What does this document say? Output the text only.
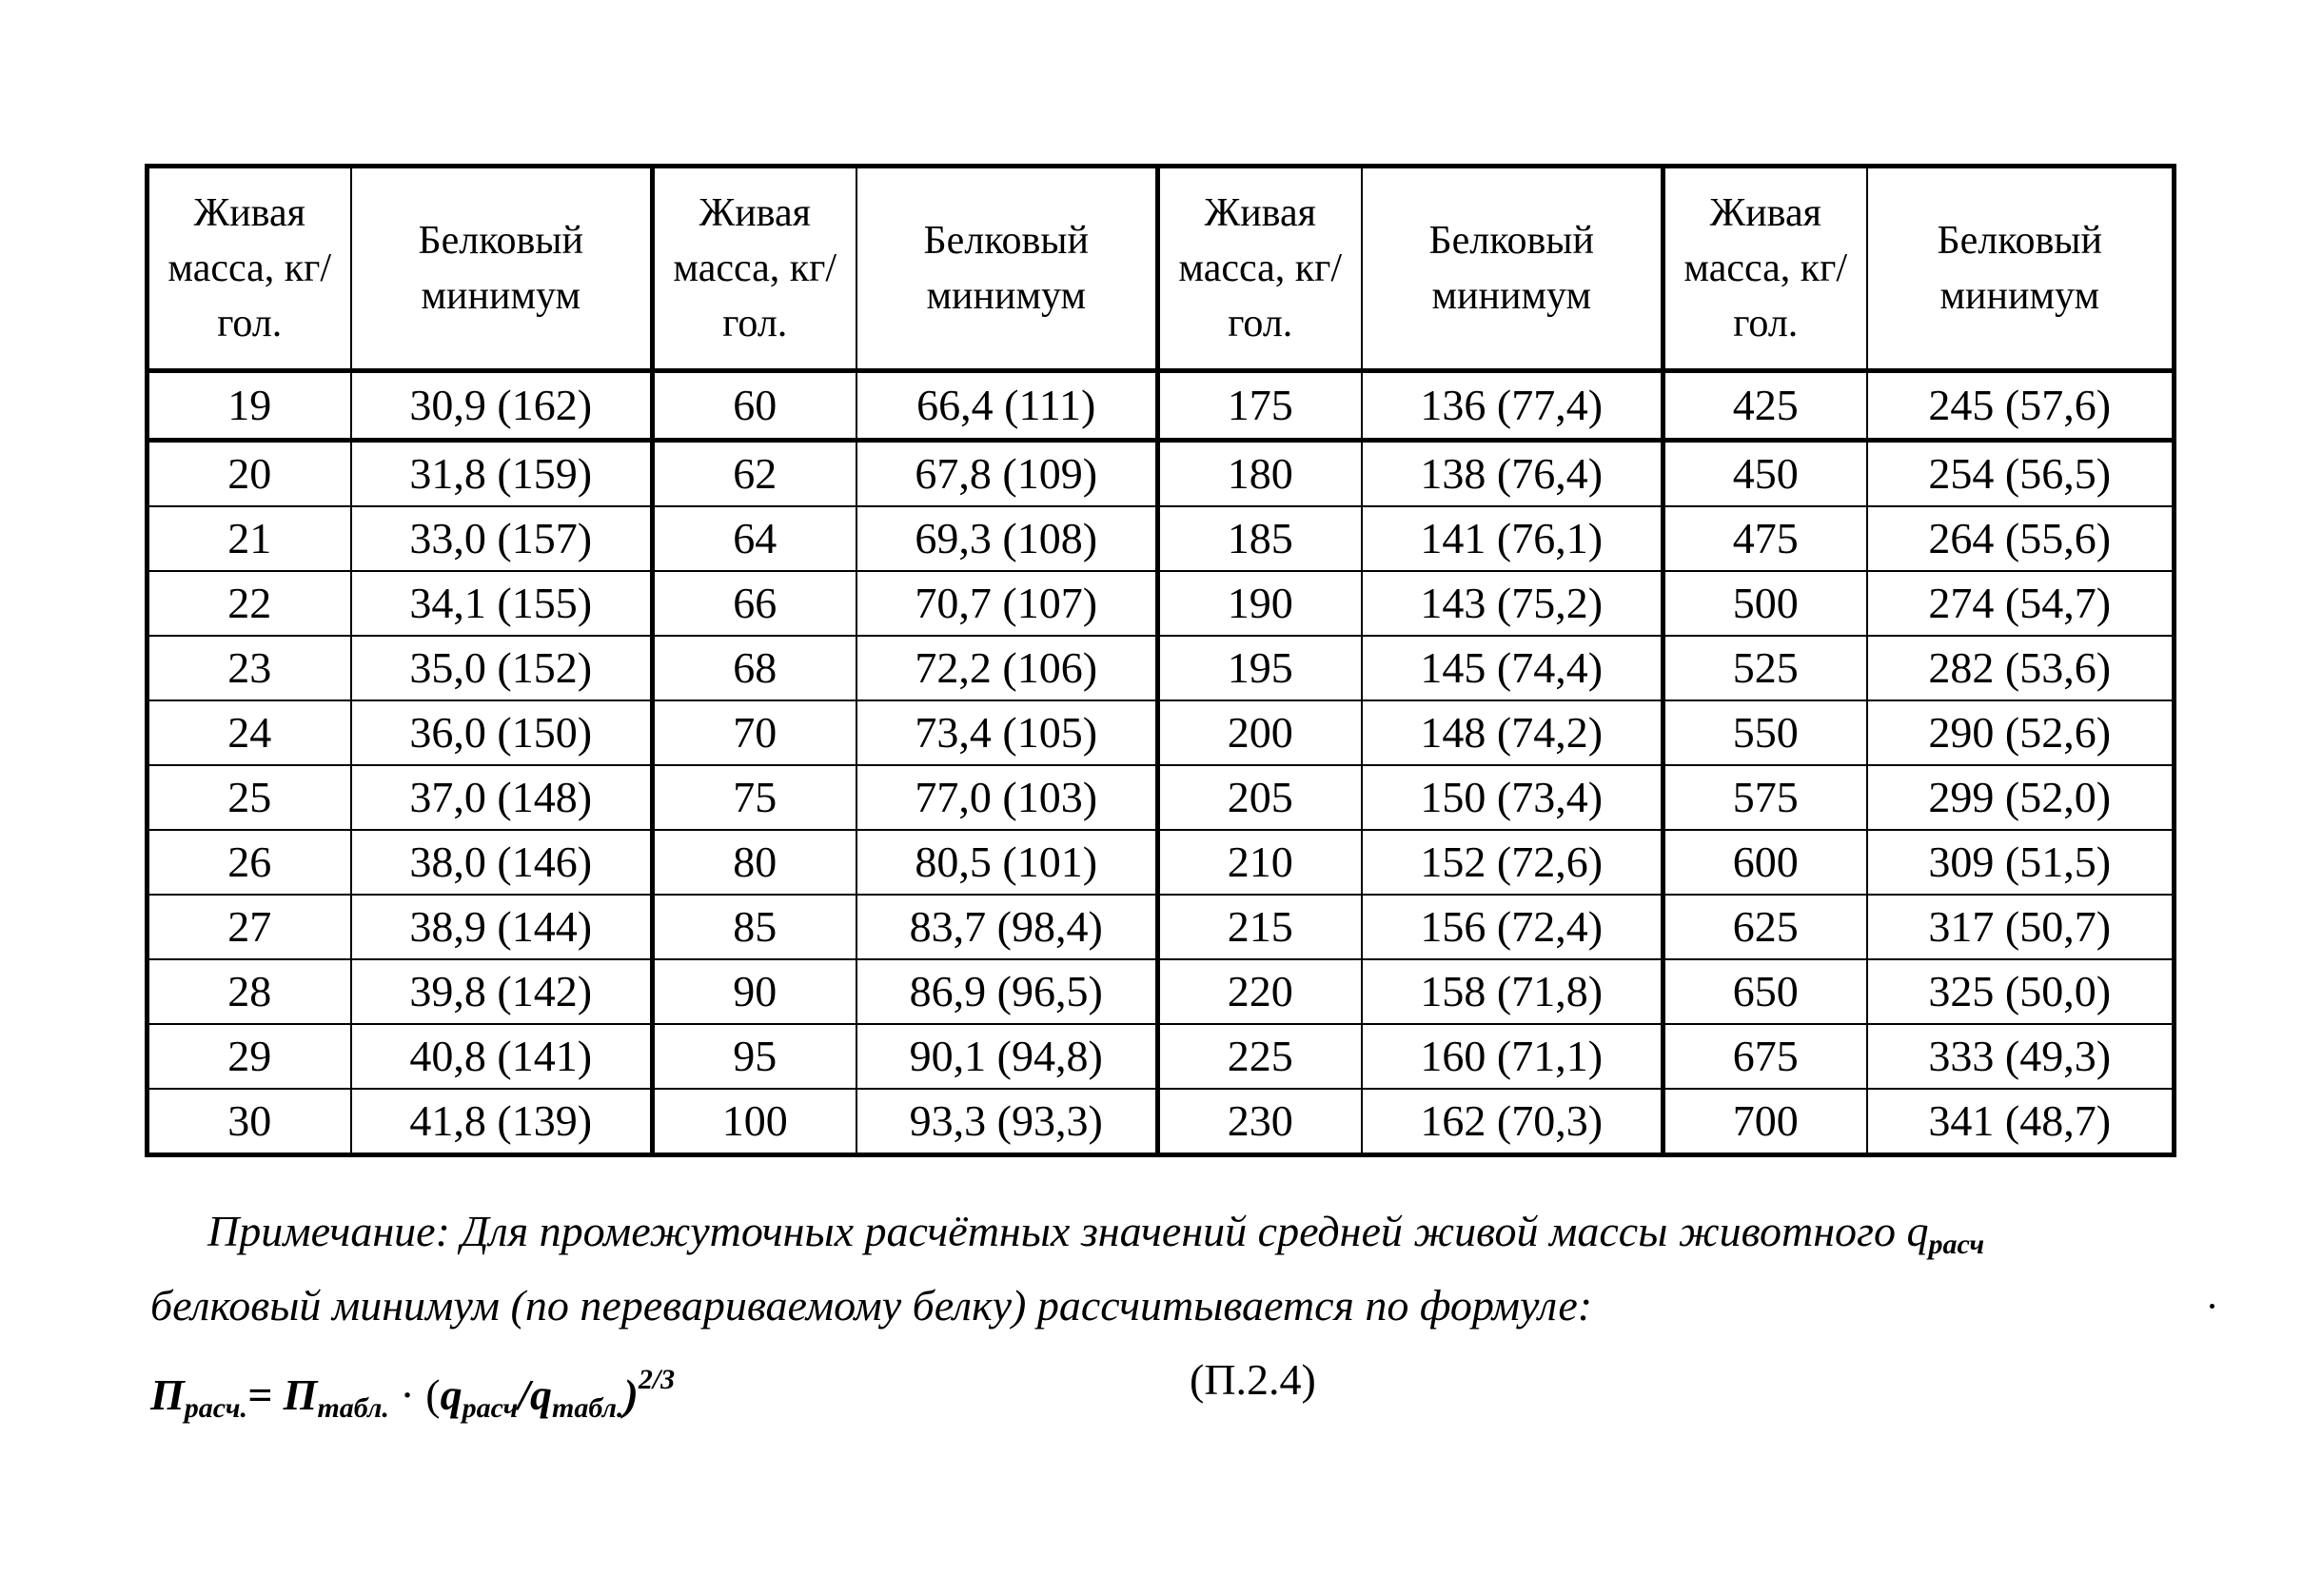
Живая масса, кг/гол.	Белковый минимум	Живая масса, кг/гол.	Белковый минимум	Живая масса, кг/гол.	Белковый минимум	Живая масса, кг/гол.	Белковый минимум
19	30,9 (162)	60	66,4 (111)	175	136 (77,4)	425	245 (57,6)
20	31,8 (159)	62	67,8 (109)	180	138 (76,4)	450	254 (56,5)
21	33,0 (157)	64	69,3 (108)	185	141 (76,1)	475	264 (55,6)
22	34,1 (155)	66	70,7 (107)	190	143 (75,2)	500	274 (54,7)
23	35,0 (152)	68	72,2 (106)	195	145 (74,4)	525	282 (53,6)
24	36,0 (150)	70	73,4 (105)	200	148 (74,2)	550	290 (52,6)
25	37,0 (148)	75	77,0 (103)	205	150 (73,4)	575	299 (52,0)
26	38,0 (146)	80	80,5 (101)	210	152 (72,6)	600	309 (51,5)
27	38,9 (144)	85	83,7 (98,4)	215	156 (72,4)	625	317 (50,7)
28	39,8 (142)	90	86,9 (96,5)	220	158 (71,8)	650	325 (50,0)
29	40,8 (141)	95	90,1 (94,8)	225	160 (71,1)	675	333 (49,3)
30	41,8 (139)	100	93,3 (93,3)	230	162 (70,3)	700	341 (48,7)

Примечание: Для промежуточных расчётных значений средней живой массы животного $q_{расч}$

белковый минимум (по перевариваемому белку) рассчитывается по формуле:

$П_{расч.}= П_{табл.} \cdot (q_{расч}/q_{табл.})^{2/3}$	(П.2.4)
